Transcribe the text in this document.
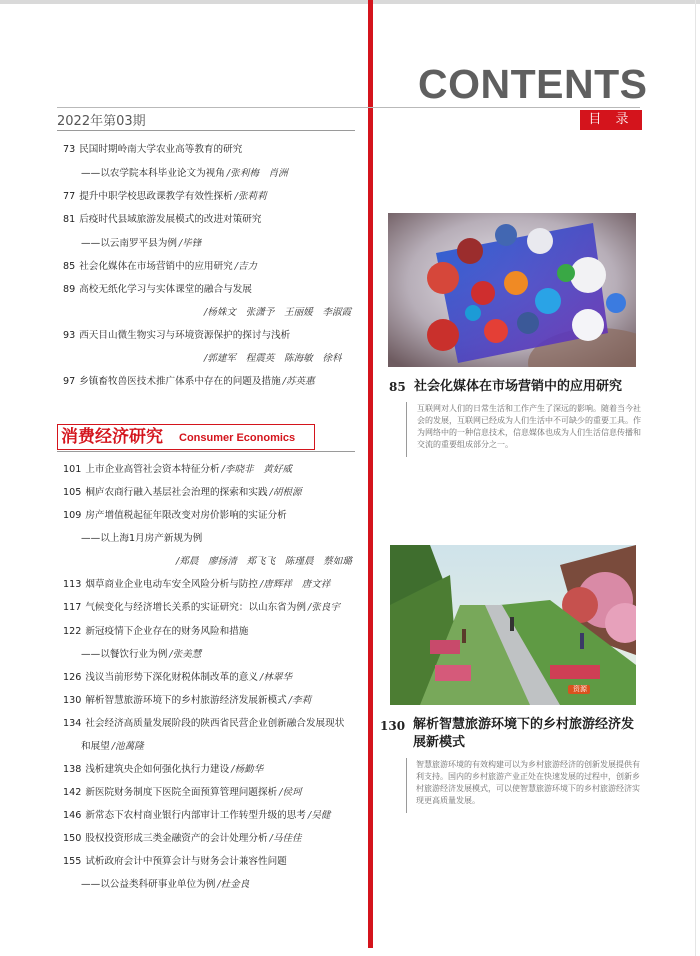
CONTENTS
2022年第03期	目 录
73 民国时期岭南大学农业高等教育的研究
——以农学院本科毕业论文为视角 /张利梅　肖洲
77 提升中职学校思政课教学有效性探析 /张莉莉
81 后疫时代县域旅游发展模式的改进对策研究
——以云南罗平县为例 /毕锋
85 社会化媒体在市场营销中的应用研究 /吉力
89 高校无纸化学习与实体课堂的融合与发展
/杨姝文　张潇予　王丽媛　李淑霞
93 西天目山微生物实习与环境资源保护的探讨与浅析
/郭建军　程震英　陈海敏　徐科
97 乡镇畜牧兽医技术推广体系中存在的问题及措施 /苏英惠
消费经济研究 Consumer Economics
101 上市企业高管社会资本特征分析 /李晓非　黄好威
105 桐庐农商行融入基层社会治理的探索和实践 /胡根源
109 房产增值税起征年限改变对房价影响的实证分析
——以上海1月房产新规为例
/郑晨　廖扬清　郑飞飞　陈瑾晨　蔡如璐
113 烟草商业企业电动车安全风险分析与防控 /唐辉祥　唐文祥
117 气候变化与经济增长关系的实证研究：以山东省为例 /张良宇
122 新冠疫情下企业存在的财务风险和措施
——以餐饮行业为例 /张美慧
126 浅议当前形势下深化财税体制改革的意义 /林翠华
130 解析智慧旅游环境下的乡村旅游经济发展新模式 /李莉
134 社会经济高质量发展阶段的陕西省民营企业创新融合发展现状
和展望 /池萬隆
138 浅析建筑央企如何强化执行力建设 /杨勤华
142 新医院财务制度下医院全面预算管理问题探析 /侯珂
146 新常态下农村商业银行内部审计工作转型升级的思考 /吴健
150 股权投资形成三类金融资产的会计处理分析 /马佳佳
155 试析政府会计中预算会计与财务会计兼容性问题
——以公益类科研事业单位为例 /杜金良
85 社会化媒体在市场营销中的应用研究
互联网对人们的日常生活和工作产生了深远的影响。随着当今社会的发展，互联网已经成为人们生活中不可缺少的重要工具。作为网络中的一种信息技术，信息媒体也成为人们生活信息传播和交流的重要组成部分之一。
资源
130 解析智慧旅游环境下的乡村旅游经济发展新模式
智慧旅游环境的有效构建可以为乡村旅游经济的创新发展提供有利支持。国内的乡村旅游产业正处在快速发展的过程中，创新乡村旅游经济发展模式，可以使智慧旅游环境下的乡村旅游经济实现更高质量发展。
